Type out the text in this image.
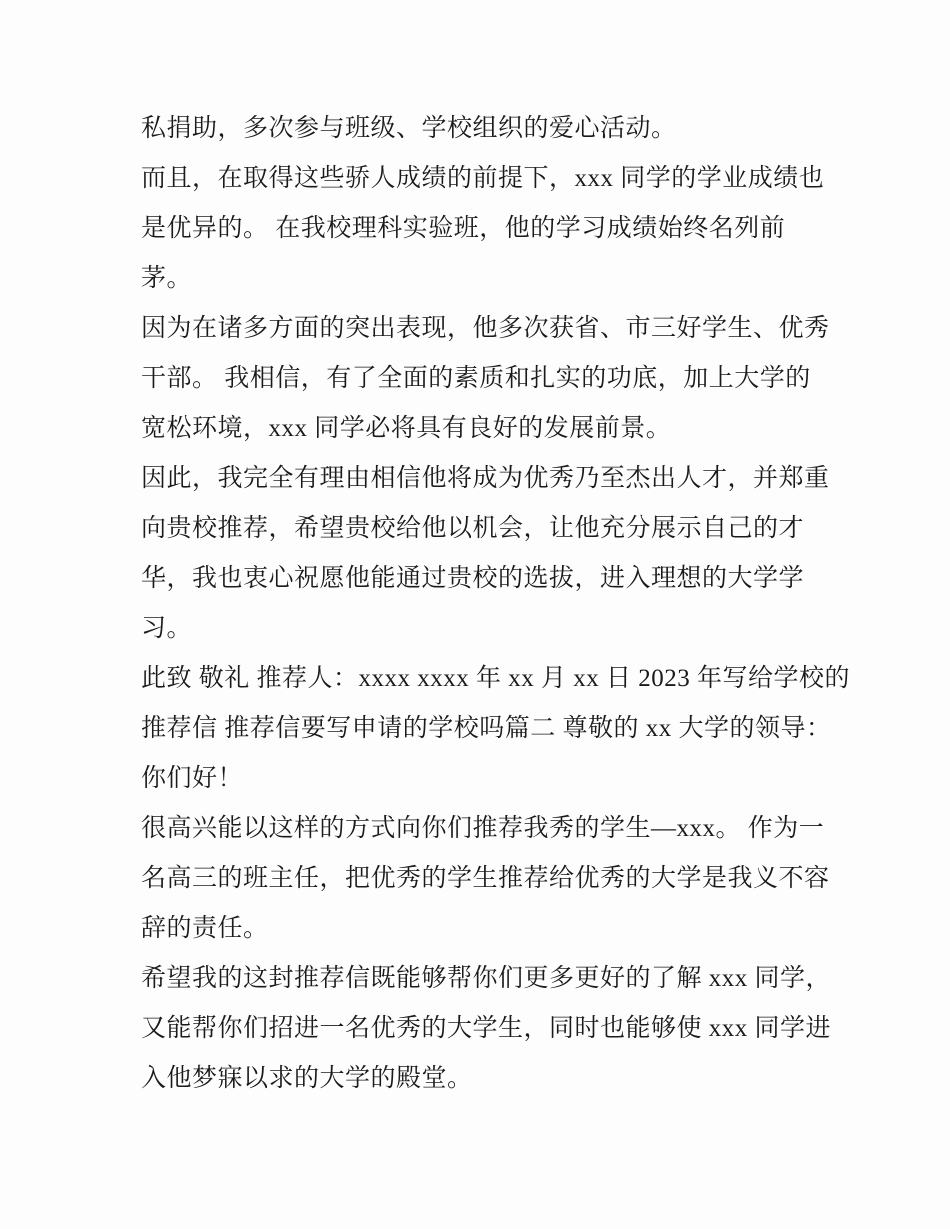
私捐助，多次参与班级、学校组织的爱心活动。
而且，在取得这些骄人成绩的前提下，xxx 同学的学业成绩也
是优异的。 在我校理科实验班，他的学习成绩始终名列前
茅。
因为在诸多方面的突出表现，他多次获省、市三好学生、优秀
干部。 我相信，有了全面的素质和扎实的功底，加上大学的
宽松环境，xxx 同学必将具有良好的发展前景。
因此，我完全有理由相信他将成为优秀乃至杰出人才，并郑重
向贵校推荐，希望贵校给他以机会，让他充分展示自己的才
华，我也衷心祝愿他能通过贵校的选拔，进入理想的大学学
习。
此致 敬礼 推荐人：xxxx xxxx 年 xx 月 xx 日 2023 年写给学校的
推荐信 推荐信要写申请的学校吗篇二 尊敬的 xx 大学的领导：
你们好！
很高兴能以这样的方式向你们推荐我秀的学生—xxx。 作为一
名高三的班主任，把优秀的学生推荐给优秀的大学是我义不容
辞的责任。
希望我的这封推荐信既能够帮你们更多更好的了解 xxx 同学，
又能帮你们招进一名优秀的大学生，同时也能够使 xxx 同学进
入他梦寐以求的大学的殿堂。
